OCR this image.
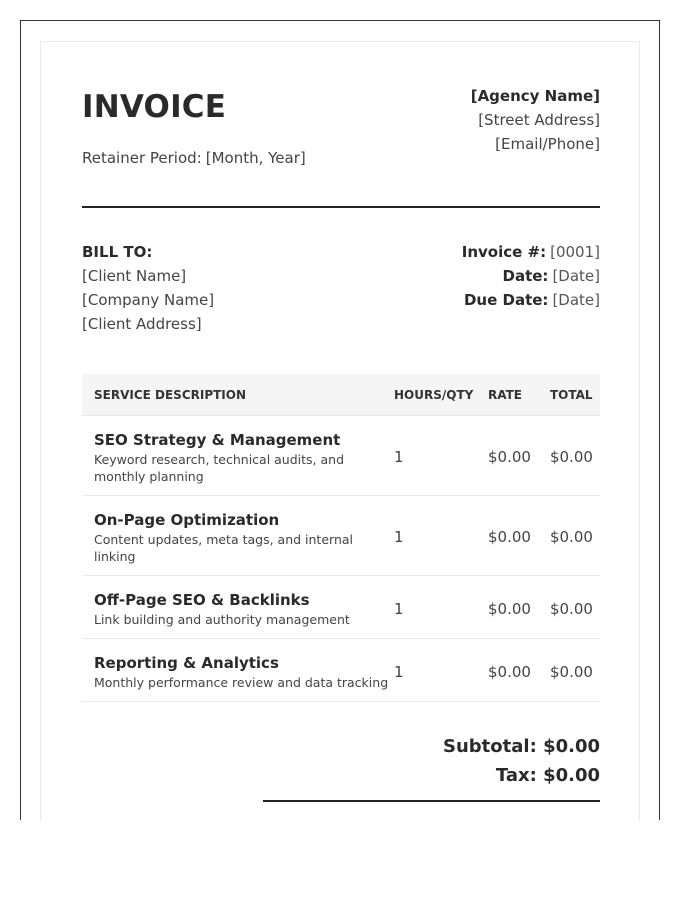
INVOICE
Retainer Period: [Month, Year]
[Agency Name]
[Street Address]
[Email/Phone]
BILL TO:
[Client Name]
[Company Name]
[Client Address]
Invoice #: [0001]
Date: [Date]
Due Date: [Date]
SERVICE DESCRIPTION	HOURS/QTY RATE TOTAL
SEO Strategy & Management
Keyword research, technical audits, and monthly planning
1	$0.00 $0.00
On-Page Optimization
Content updates, meta tags, and internal linking
1	$0.00 $0.00
Off-Page SEO & Backlinks
Link building and authority management
1	$0.00 $0.00
Reporting & Analytics
Monthly performance review and data tracking
1	$0.00 $0.00
Subtotal: $0.00
Tax: $0.00
